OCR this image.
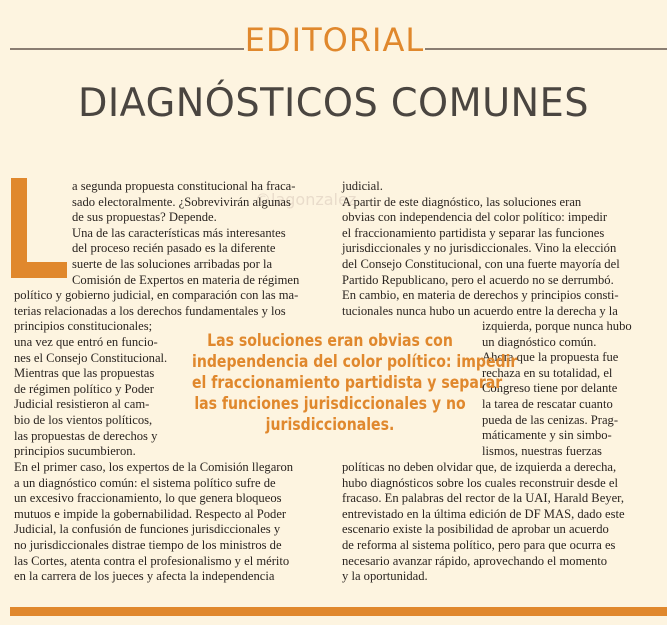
EDITORIAL
DIAGNÓSTICOS COMUNES
©lagonzalez
a segunda propuesta constitucional ha fraca-
sado electoralmente. ¿Sobrevivirán algunas
de sus propuestas? Depende.
Una de las características más interesantes
del proceso recién pasado es la diferente
suerte de las soluciones arribadas por la
Comisión de Expertos en materia de régimen
político y gobierno judicial, en comparación con las ma-
terias relacionadas a los derechos fundamentales y los
principios constitucionales;
una vez que entró en funcio-
nes el Consejo Constitucional.
Mientras que las propuestas
de régimen político y Poder
Judicial resistieron al cam-
bio de los vientos políticos,
las propuestas de derechos y
principios sucumbieron.
En el primer caso, los expertos de la Comisión llegaron
a un diagnóstico común: el sistema político sufre de
un excesivo fraccionamiento, lo que genera bloqueos
mutuos e impide la gobernabilidad. Respecto al Poder
Judicial, la confusión de funciones jurisdiccionales y
no jurisdiccionales distrae tiempo de los ministros de
las Cortes, atenta contra el profesionalismo y el mérito
en la carrera de los jueces y afecta la independencia
judicial.
A partir de este diagnóstico, las soluciones eran
obvias con independencia del color político: impedir
el fraccionamiento partidista y separar las funciones
jurisdiccionales y no jurisdiccionales. Vino la elección
del Consejo Constitucional, con una fuerte mayoría del
Partido Republicano, pero el acuerdo no se derrumbó.
En cambio, en materia de derechos y principios consti-
tucionales nunca hubo un acuerdo entre la derecha y la
izquierda, porque nunca hubo
un diagnóstico común.
Ahora que la propuesta fue
rechaza en su totalidad, el
Congreso tiene por delante
la tarea de rescatar cuanto
pueda de las cenizas. Prag-
máticamente y sin simbo-
lismos, nuestras fuerzas
políticas no deben olvidar que, de izquierda a derecha,
hubo diagnósticos sobre los cuales reconstruir desde el
fracaso. En palabras del rector de la UAI, Harald Beyer,
entrevistado en la última edición de DF MAS, dado este
escenario existe la posibilidad de aprobar un acuerdo
de reforma al sistema político, pero para que ocurra es
necesario avanzar rápido, aprovechando el momento
y la oportunidad.
Las soluciones eran obvias con
independencia del color político: impedir
el fraccionamiento partidista y separar
las funciones jurisdiccionales y no
jurisdiccionales.
